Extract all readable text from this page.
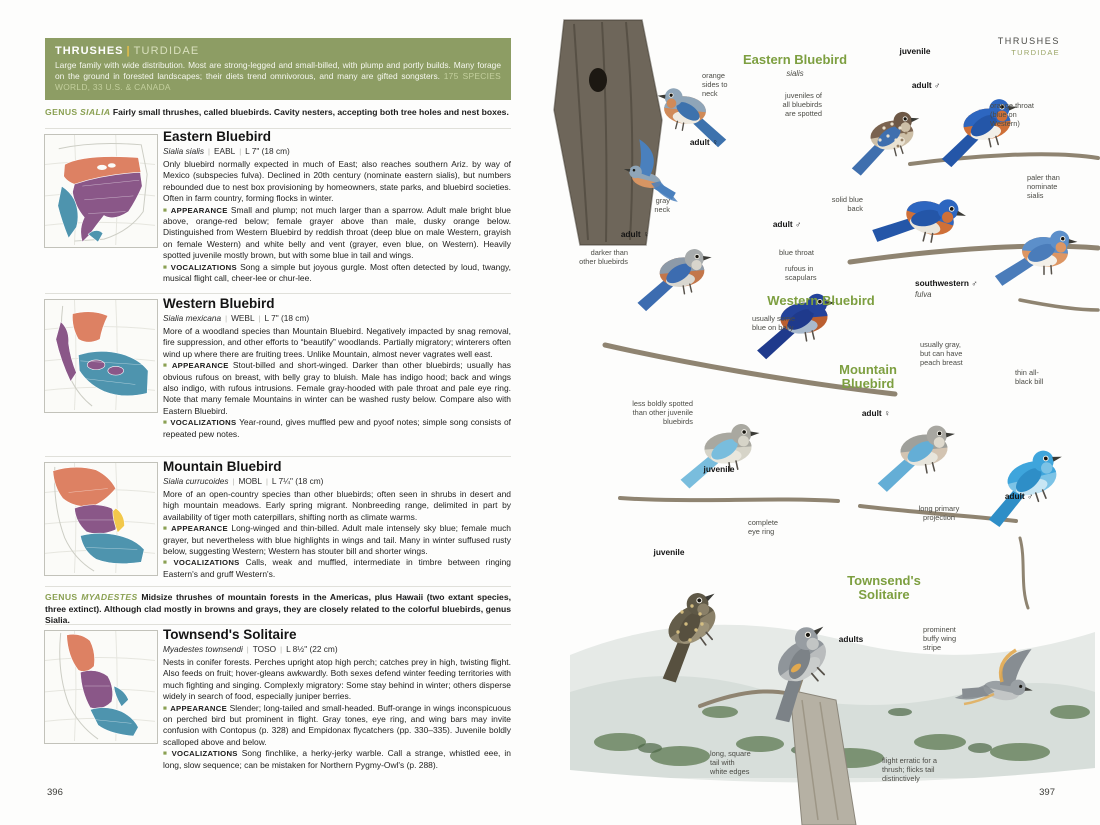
THRUSHES | TURDIDAE
Large family with wide distribution. Most are strong-legged and small-billed, with plump and portly builds. Many forage on the ground in forested landscapes; their diets trend omnivorous, and many are gifted songsters. 175 SPECIES WORLD, 33 U.S. & CANADA
GENUS SIALIA Fairly small thrushes, called bluebirds. Cavity nesters, accepting both tree holes and nest boxes.
Eastern Bluebird
Sialia sialis | EABL | L 7" (18 cm)

Only bluebird normally expected in much of East; also reaches southern Ariz. by way of Mexico (subspecies fulva). Declined in 20th century (nominate eastern sialis), but numbers rebounded due to nest box provisioning by homeowners, state parks, and bluebird societies. Often in farm country, forming flocks in winter.

■ APPEARANCE Small and plump; not much larger than a sparrow. Adult male bright blue above, orange-red below; female grayer above than male, dusky orange below. Distinguished from Western Bluebird by reddish throat (deep blue on male Western, grayish on female Western) and white belly and vent (grayer, even blue, on Western). Heavily spotted juvenile mostly brown, but with some blue in tail and wings.

■ VOCALIZATIONS Song a simple but joyous gurgle. Most often detected by loud, twangy, musical flight call, cheer-lee or chur-lee.

Western Bluebird
Sialia mexicana | WEBL | L 7" (18 cm)

More of a woodland species than Mountain Bluebird. Negatively impacted by snag removal, fire suppression, and other efforts to “beautify” woodlands. Partially migratory; winterers often wind up where there are fruiting trees. Unlike Mountain, almost never vagrates well east.

■ APPEARANCE Stout-billed and short-winged. Darker than other bluebirds; usually has obvious rufous on breast, with belly gray to bluish. Male has indigo hood; back and wings also indigo, with rufous intrusions. Female gray-hooded with pale throat and pale eye ring. Note that many female Mountains in winter can be washed rusty below. Compare also with Eastern Bluebird.

■ VOCALIZATIONS Year-round, gives muffled pew and pyoof notes; simple song consists of repeated pew notes.

Mountain Bluebird
Sialia currucoides | MOBL | L 7¼" (18 cm)

More of an open-country species than other bluebirds; often seen in shrubs in desert and high mountain meadows. Early spring migrant. Nonbreeding range, delimited in part by availability of tiger moth caterpillars, shifting north as climate warms.

■ APPEARANCE Long-winged and thin-billed. Adult male intensely sky blue; female much grayer, but nevertheless with blue highlights in wings and tail. Many in winter suffused rusty below, suggesting Western; Western has stouter bill and shorter wings.

■ VOCALIZATIONS Calls, weak and muffled, intermediate in timbre between ringing Eastern's and gruff Western's.

GENUS MYADESTES Midsize thrushes of mountain forests in the Americas, plus Hawaii (two extant species, three extinct). Although clad mostly in browns and grays, they are closely related to the colorful bluebirds, genus Sialia.
Townsend's Solitaire
Myadestes townsendi | TOSO | L 8½" (22 cm)

Nests in conifer forests. Perches upright atop high perch; catches prey in high, twisting flight. Also feeds on fruit; hover-gleans awkwardly. Both sexes defend winter feeding territories with much fighting and singing. Complexly migratory: Some stay behind in winter; others disperse widely in search of food, especially juniper berries.

■ APPEARANCE Slender; long-tailed and small-headed. Buff-orange in wings inconspicuous on perched bird but prominent in flight. Gray tones, eye ring, and wing bars may invite confusion with Contopus (p. 328) and Empidonax flycatchers (pp. 330–335). Juvenile boldly scalloped above and below.

■ VOCALIZATIONS Song finchlike, a herky-jerky warble. Call a strange, whistled eee, in long, slow sequence; can be mistaken for Northern Pygmy-Owl's (p. 288).

396
THRUSHES
TURDIDAE
Eastern Bluebird
sialis
juvenile
adult ♂
orange
sides to
neck	juveniles of
all bluebirds
are spotted
orange throat
(blue on
Western)
adult ♀
paler than
nominate
sialis
gray
neck
solid blue
back
adult ♂
adult ♀
darker than
other bluebirds
blue throat
rufous in
scapulars
southwestern ♂
fulva
Western Bluebird
usually some
blue on belly
usually gray,
but can have
peach breast
Mountain
Bluebird
thin all-
black bill
less boldly spotted
than other juvenile
bluebirds
adult ♀
juvenile
adult ♂
long primary
projection
complete
eye ring
juvenile
Townsend's
Solitaire
adults
prominent
buffy wing
stripe
long, square
tail with
white edges
flight erratic for a
thrush; flicks tail
distinctively
397
